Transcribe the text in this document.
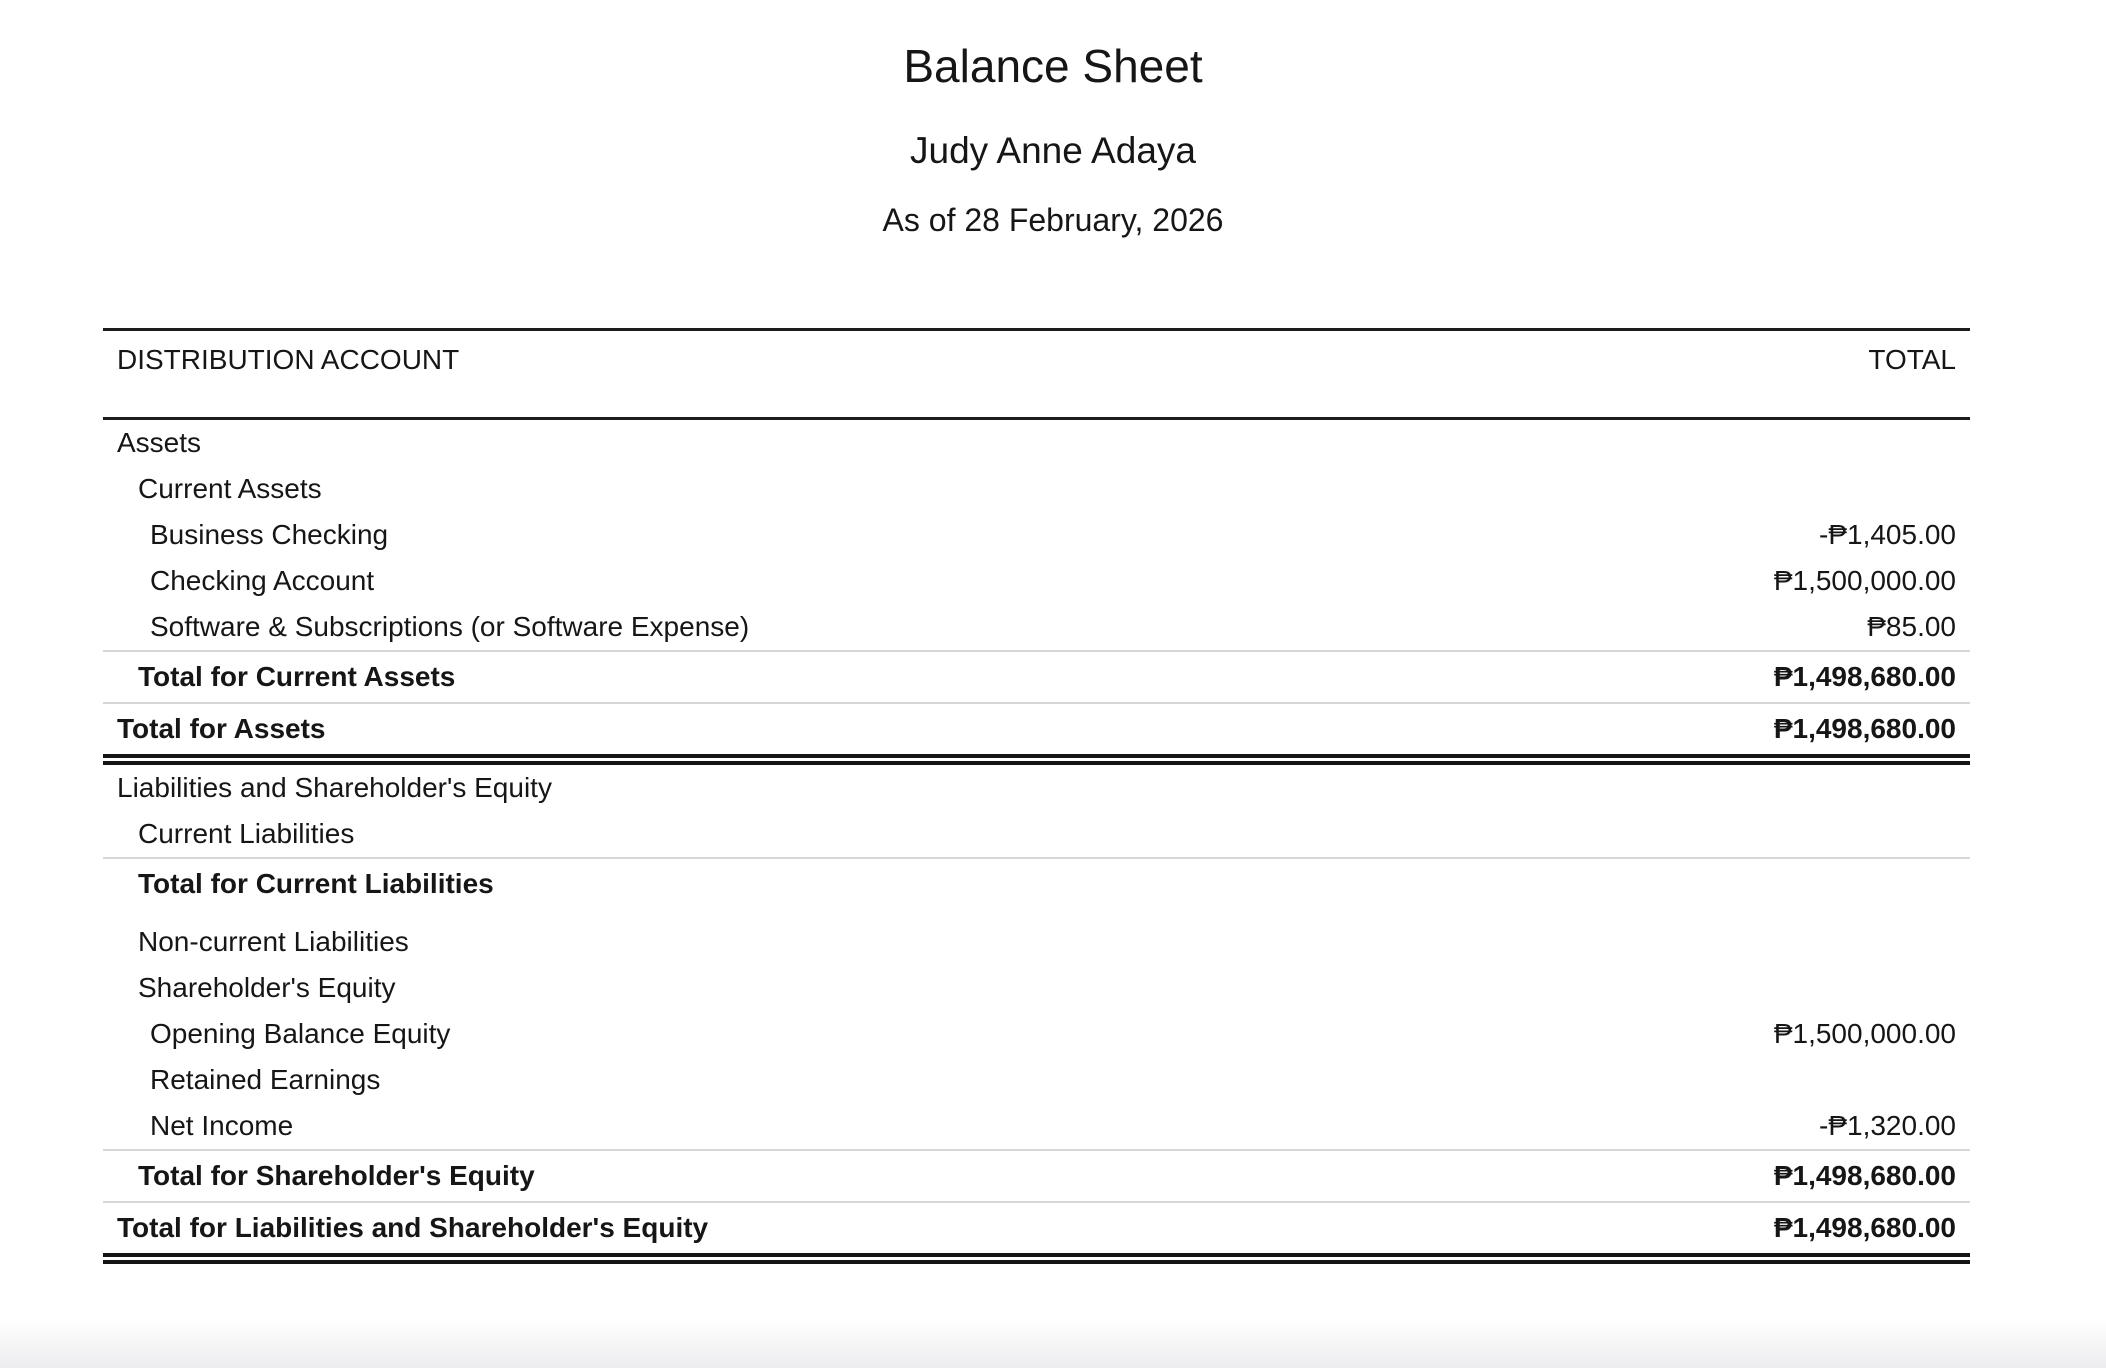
Balance Sheet
Judy Anne Adaya
As of 28 February, 2026
DISTRIBUTION ACCOUNT	TOTAL
Assets
Current Assets
Business Checking	-₱1,405.00
Checking Account	₱1,500,000.00
Software & Subscriptions (or Software Expense)	₱85.00
Total for Current Assets	₱1,498,680.00
Total for Assets	₱1,498,680.00
Liabilities and Shareholder's Equity
Current Liabilities
Total for Current Liabilities
Non-current Liabilities
Shareholder's Equity
Opening Balance Equity	₱1,500,000.00
Retained Earnings
Net Income	-₱1,320.00
Total for Shareholder's Equity	₱1,498,680.00
Total for Liabilities and Shareholder's Equity	₱1,498,680.00
